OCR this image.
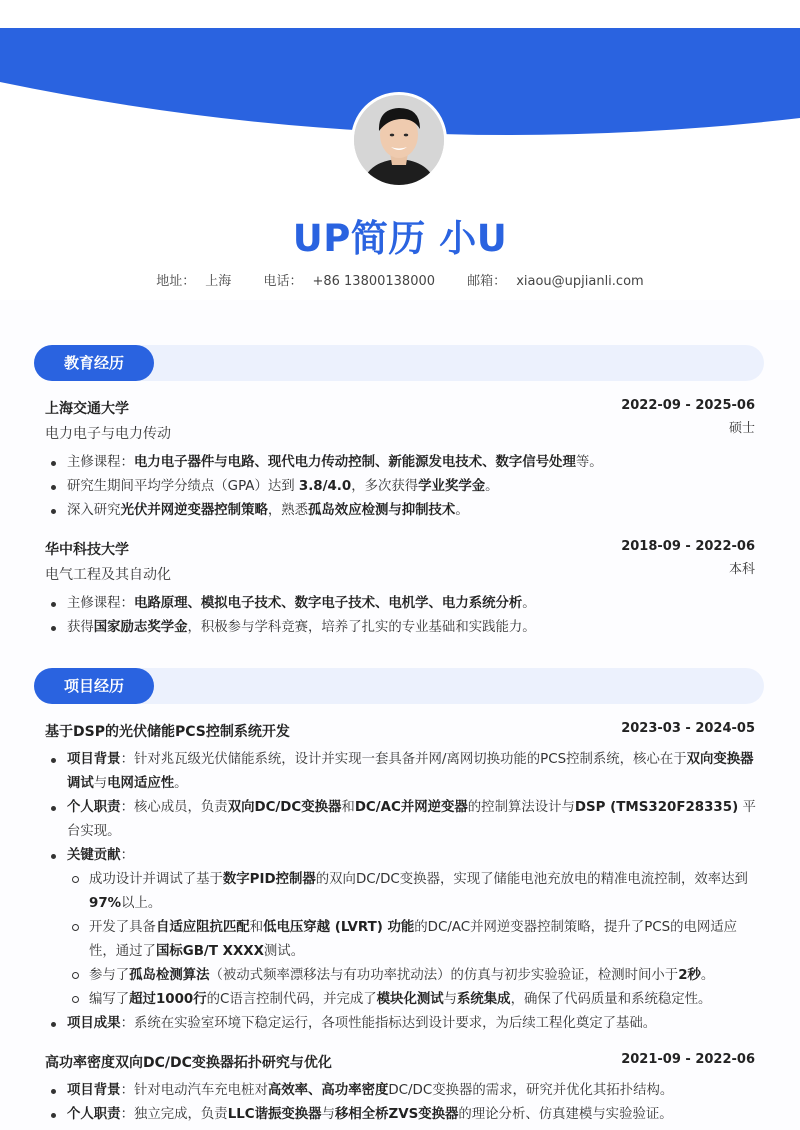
UP简历 小U
地址： 上海 电话： +86 13800138000 邮箱： xiaou@upjianli.com
教育经历
上海交通大学	2022-09 - 2025-06
电力电子与电力传动	硕士
主修课程：电力电子器件与电路、现代电力传动控制、新能源发电技术、数字信号处理等。
研究生期间平均学分绩点（GPA）达到 3.8/4.0，多次获得学业奖学金。
深入研究光伏并网逆变器控制策略，熟悉孤岛效应检测与抑制技术。
华中科技大学	2018-09 - 2022-06
电气工程及其自动化	本科
主修课程：电路原理、模拟电子技术、数字电子技术、电机学、电力系统分析。
获得国家励志奖学金，积极参与学科竞赛，培养了扎实的专业基础和实践能力。
项目经历
基于DSP的光伏储能PCS控制系统开发	2023-03 - 2024-05
项目背景：针对兆瓦级光伏储能系统，设计并实现一套具备并网/离网切换功能的PCS控制系统，核心在于双向变换器调试与电网适应性。
个人职责：核心成员，负责双向DC/DC变换器和DC/AC并网逆变器的控制算法设计与DSP (TMS320F28335) 平台实现。
关键贡献：
成功设计并调试了基于数字PID控制器的双向DC/DC变换器，实现了储能电池充放电的精准电流控制，效率达到97%以上。
开发了具备自适应阻抗匹配和低电压穿越 (LVRT) 功能的DC/AC并网逆变器控制策略，提升了PCS的电网适应性，通过了国标GB/T XXXX测试。
参与了孤岛检测算法（被动式频率漂移法与有功功率扰动法）的仿真与初步实验验证，检测时间小于2秒。
编写了超过1000行的C语言控制代码，并完成了模块化测试与系统集成，确保了代码质量和系统稳定性。
项目成果：系统在实验室环境下稳定运行，各项性能指标达到设计要求，为后续工程化奠定了基础。
高功率密度双向DC/DC变换器拓扑研究与优化	2021-09 - 2022-06
项目背景：针对电动汽车充电桩对高效率、高功率密度DC/DC变换器的需求，研究并优化其拓扑结构。
个人职责：独立完成，负责LLC谐振变换器与移相全桥ZVS变换器的理论分析、仿真建模与实验验证。
